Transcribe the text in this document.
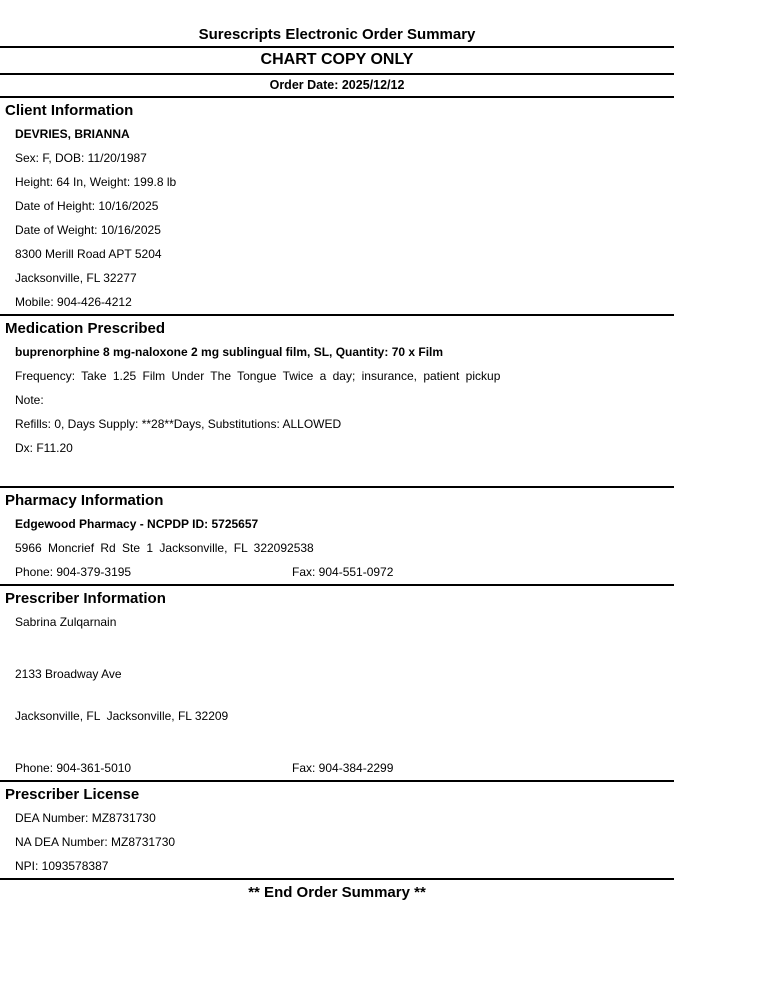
Surescripts Electronic Order Summary
CHART COPY ONLY
Order Date: 2025/12/12
Client Information
DEVRIES, BRIANNA
Sex: F, DOB: 11/20/1987
Height: 64 In, Weight: 199.8 lb
Date of Height: 10/16/2025
Date of Weight: 10/16/2025
8300 Merill Road APT 5204
Jacksonville, FL 32277
Mobile: 904-426-4212
Medication Prescribed
buprenorphine 8 mg-naloxone 2 mg sublingual film, SL, Quantity: 70 x Film
Frequency: Take 1.25 Film Under The Tongue Twice a day; insurance, patient pickup
Note:
Refills: 0, Days Supply: **28**Days, Substitutions: ALLOWED
Dx: F11.20
Pharmacy Information
Edgewood Pharmacy - NCPDP ID: 5725657
5966 Moncrief Rd Ste 1 Jacksonville, FL 322092538
Phone: 904-379-3195	Fax: 904-551-0972
Prescriber Information
Sabrina Zulqarnain

2133 Broadway Ave

Jacksonville, FL  Jacksonville, FL 32209

Phone: 904-361-5010	Fax: 904-384-2299
Prescriber License
DEA Number: MZ8731730
NA DEA Number: MZ8731730
NPI: 1093578387
** End Order Summary **
